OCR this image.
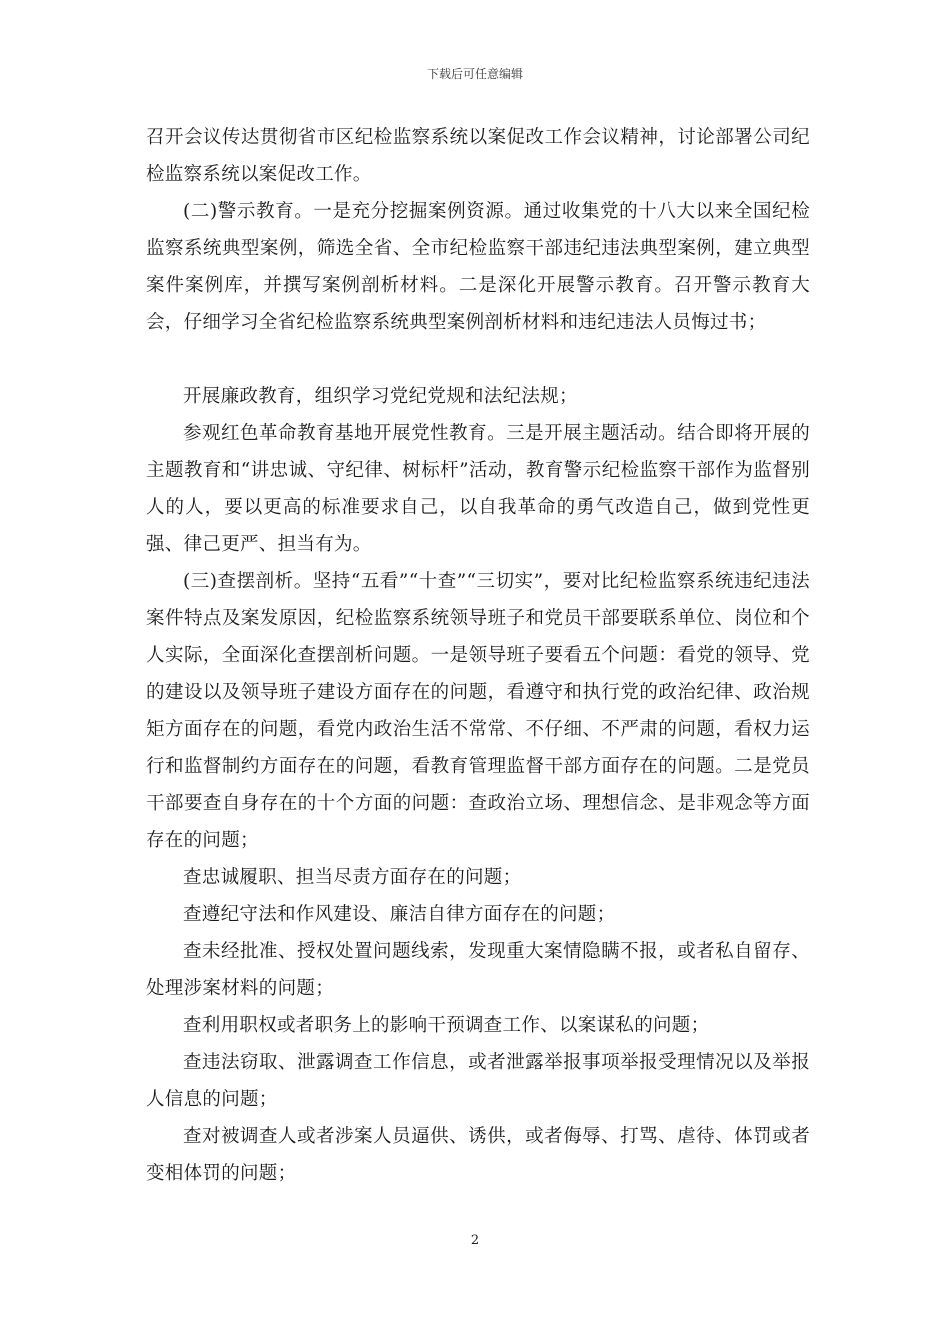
下载后可任意编辑

召开会议传达贯彻省市区纪检监察系统以案促改工作会议精神，讨论部署公司纪检监察系统以案促改工作。

(二)警示教育。一是充分挖掘案例资源。通过收集党的十八大以来全国纪检监察系统典型案例，筛选全省、全市纪检监察干部违纪违法典型案例，建立典型案件案例库，并撰写案例剖析材料。二是深化开展警示教育。召开警示教育大会，仔细学习全省纪检监察系统典型案例剖析材料和违纪违法人员悔过书；

开展廉政教育，组织学习党纪党规和法纪法规；

参观红色革命教育基地开展党性教育。三是开展主题活动。结合即将开展的主题教育和“讲忠诚、守纪律、树标杆”活动，教育警示纪检监察干部作为监督别人的人，要以更高的标准要求自己，以自我革命的勇气改造自己，做到党性更强、律己更严、担当有为。

(三)查摆剖析。坚持“五看”“十查”“三切实”，要对比纪检监察系统违纪违法案件特点及案发原因，纪检监察系统领导班子和党员干部要联系单位、岗位和个人实际，全面深化查摆剖析问题。一是领导班子要看五个问题：看党的领导、党的建设以及领导班子建设方面存在的问题，看遵守和执行党的政治纪律、政治规矩方面存在的问题，看党内政治生活不常常、不仔细、不严肃的问题，看权力运行和监督制约方面存在的问题，看教育管理监督干部方面存在的问题。二是党员干部要查自身存在的十个方面的问题：查政治立场、理想信念、是非观念等方面存在的问题；

查忠诚履职、担当尽责方面存在的问题；

查遵纪守法和作风建设、廉洁自律方面存在的问题；

查未经批准、授权处置问题线索，发现重大案情隐瞒不报，或者私自留存、处理涉案材料的问题；

查利用职权或者职务上的影响干预调查工作、以案谋私的问题；

查违法窃取、泄露调查工作信息，或者泄露举报事项举报受理情况以及举报人信息的问题；

查对被调查人或者涉案人员逼供、诱供，或者侮辱、打骂、虐待、体罚或者变相体罚的问题；

2
